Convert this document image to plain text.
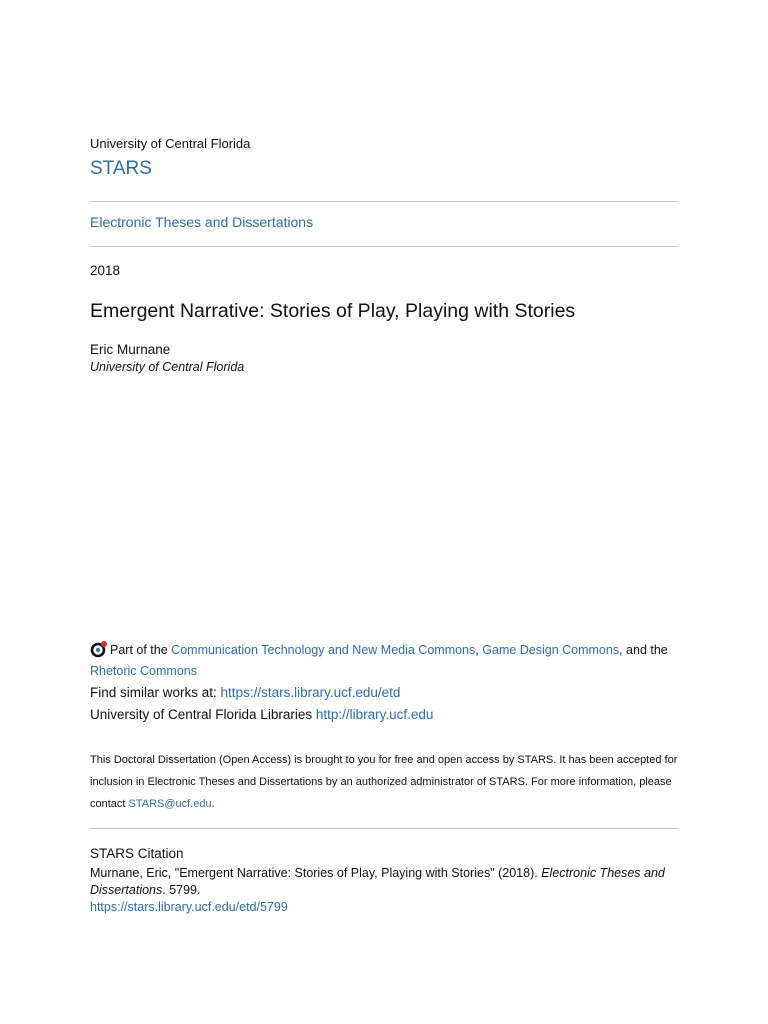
University of Central Florida
STARS
Electronic Theses and Dissertations
2018
Emergent Narrative: Stories of Play, Playing with Stories
Eric Murnane
University of Central Florida
Part of the Communication Technology and New Media Commons, Game Design Commons, and the Rhetoric Commons
Find similar works at: https://stars.library.ucf.edu/etd
University of Central Florida Libraries http://library.ucf.edu
This Doctoral Dissertation (Open Access) is brought to you for free and open access by STARS. It has been accepted for inclusion in Electronic Theses and Dissertations by an authorized administrator of STARS. For more information, please contact STARS@ucf.edu.
STARS Citation
Murnane, Eric, "Emergent Narrative: Stories of Play, Playing with Stories" (2018). Electronic Theses and Dissertations. 5799.
https://stars.library.ucf.edu/etd/5799
